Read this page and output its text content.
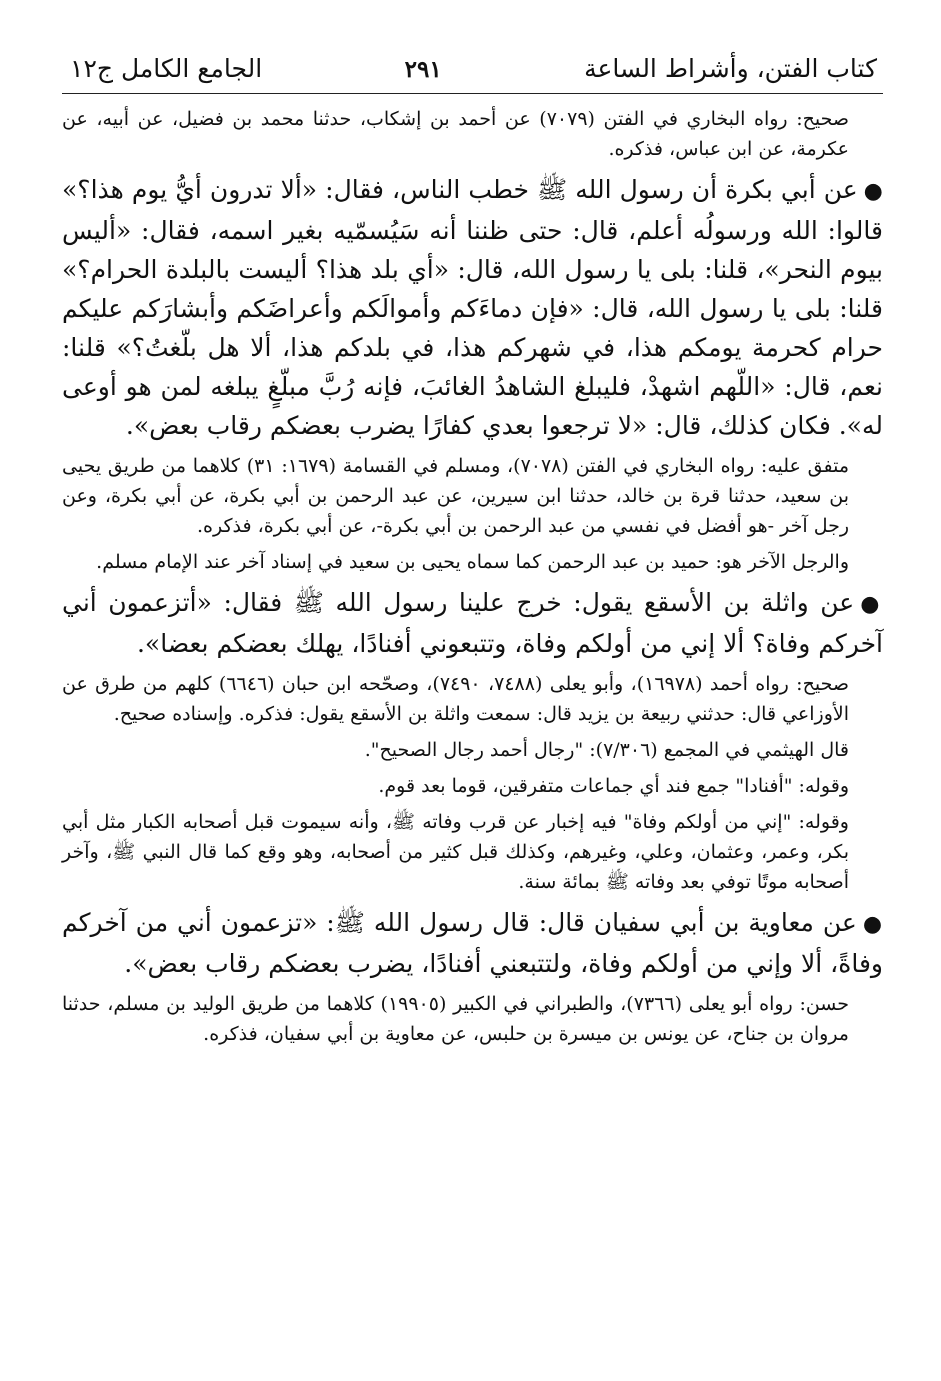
كتاب الفتن، وأشراط الساعة
٢٩١
الجامع الكامل ج١٢

صحيح: رواه البخاري في الفتن (٧٠٧٩) عن أحمد بن إشكاب، حدثنا محمد بن فضيل، عن أبيه، عن عكرمة، عن ابن عباس، فذكره.

●عن أبي بكرة أن رسول الله ﷺ خطب الناس، فقال: «ألا تدرون أيُّ يوم هذا؟» قالوا: الله ورسولُه أعلم، قال: حتى ظننا أنه سَيُسمّيه بغير اسمه، فقال: «أليس بيوم النحر»، قلنا: بلى يا رسول الله، قال: «أي بلد هذا؟ أليست بالبلدة الحرام؟» قلنا: بلى يا رسول الله، قال: «فإن دماءَكم وأموالَكم وأعراضَكم وأبشارَكم عليكم حرام كحرمة يومكم هذا، في شهركم هذا، في بلدكم هذا، ألا هل بلّغتُ؟» قلنا: نعم، قال: «اللّهم اشهدْ، فليبلغ الشاهدُ الغائبَ، فإنه رُبَّ مبلّغٍ يبلغه لمن هو أوعى له». فكان كذلك، قال: «لا ترجعوا بعدي كفارًا يضرب بعضكم رقاب بعض».

متفق عليه: رواه البخاري في الفتن (٧٠٧٨)، ومسلم في القسامة (١٦٧٩: ٣١) كلاهما من طريق يحيى بن سعيد، حدثنا قرة بن خالد، حدثنا ابن سيرين، عن عبد الرحمن بن أبي بكرة، عن أبي بكرة، وعن رجل آخر -هو أفضل في نفسي من عبد الرحمن بن أبي بكرة-، عن أبي بكرة، فذكره.

والرجل الآخر هو: حميد بن عبد الرحمن كما سماه يحيى بن سعيد في إسناد آخر عند الإمام مسلم.

●عن واثلة بن الأسقع يقول: خرج علينا رسول الله ﷺ فقال: «أتزعمون أني آخركم وفاة؟ ألا إني من أولكم وفاة، وتتبعوني أفنادًا، يهلك بعضكم بعضا».

صحيح: رواه أحمد (١٦٩٧٨)، وأبو يعلى (٧٤٨٨، ٧٤٩٠)، وصحّحه ابن حبان (٦٦٤٦) كلهم من طرق عن الأوزاعي قال: حدثني ربيعة بن يزيد قال: سمعت واثلة بن الأسقع يقول: فذكره. وإسناده صحيح.

قال الهيثمي في المجمع (٧/٣٠٦): "رجال أحمد رجال الصحيح".

وقوله: "أفنادا" جمع فند أي جماعات متفرقين، قوما بعد قوم.

وقوله: "إني من أولكم وفاة" فيه إخبار عن قرب وفاته ﷺ، وأنه سيموت قبل أصحابه الكبار مثل أبي بكر، وعمر، وعثمان، وعلي، وغيرهم، وكذلك قبل كثير من أصحابه، وهو وقع كما قال النبي ﷺ، وآخر أصحابه موتًا توفي بعد وفاته ﷺ بمائة سنة.

●عن معاوية بن أبي سفيان قال: قال رسول الله ﷺ: «تزعمون أني من آخركم وفاةً، ألا وإني من أولكم وفاة، ولتتبعني أفنادًا، يضرب بعضكم رقاب بعض».

حسن: رواه أبو يعلى (٧٣٦٦)، والطبراني في الكبير (١٩٩٠٥) كلاهما من طريق الوليد بن مسلم، حدثنا مروان بن جناح، عن يونس بن ميسرة بن حلبس، عن معاوية بن أبي سفيان، فذكره.
